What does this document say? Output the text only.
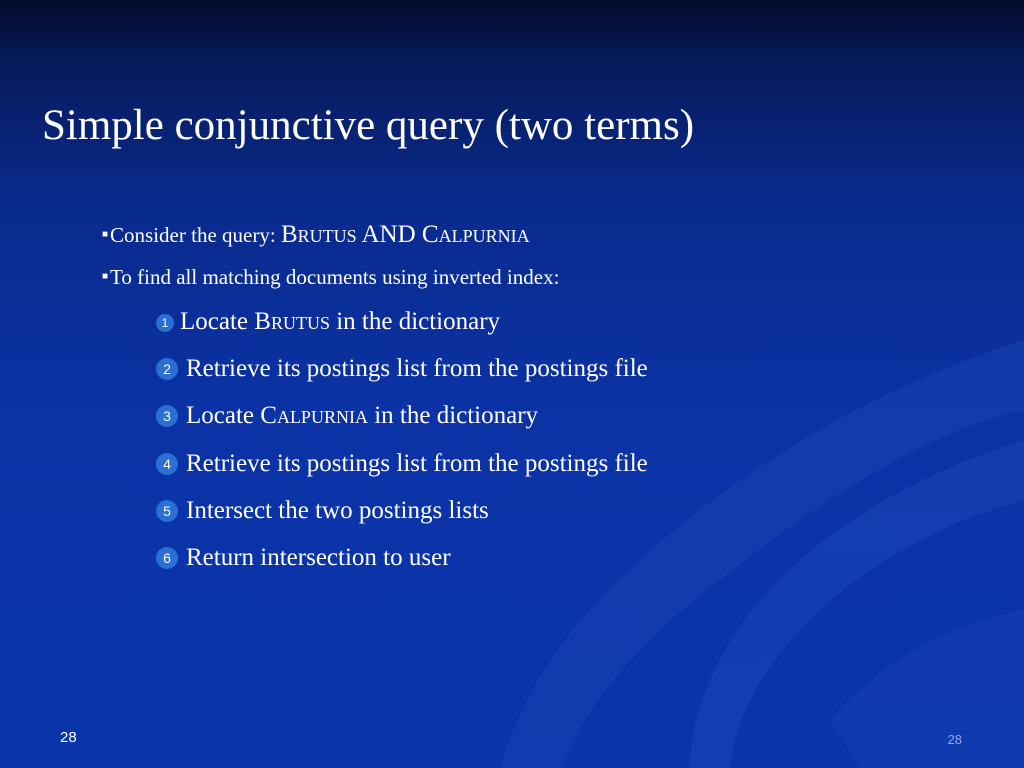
Simple conjunctive query (two terms)
■Consider the query: Brutus AND Calpurnia
■To find all matching documents using inverted index:
1 Locate Brutus in the dictionary
2 Retrieve its postings list from the postings file
3 Locate Calpurnia in the dictionary
4 Retrieve its postings list from the postings file
5 Intersect the two postings lists
6 Return intersection to user
28	28
